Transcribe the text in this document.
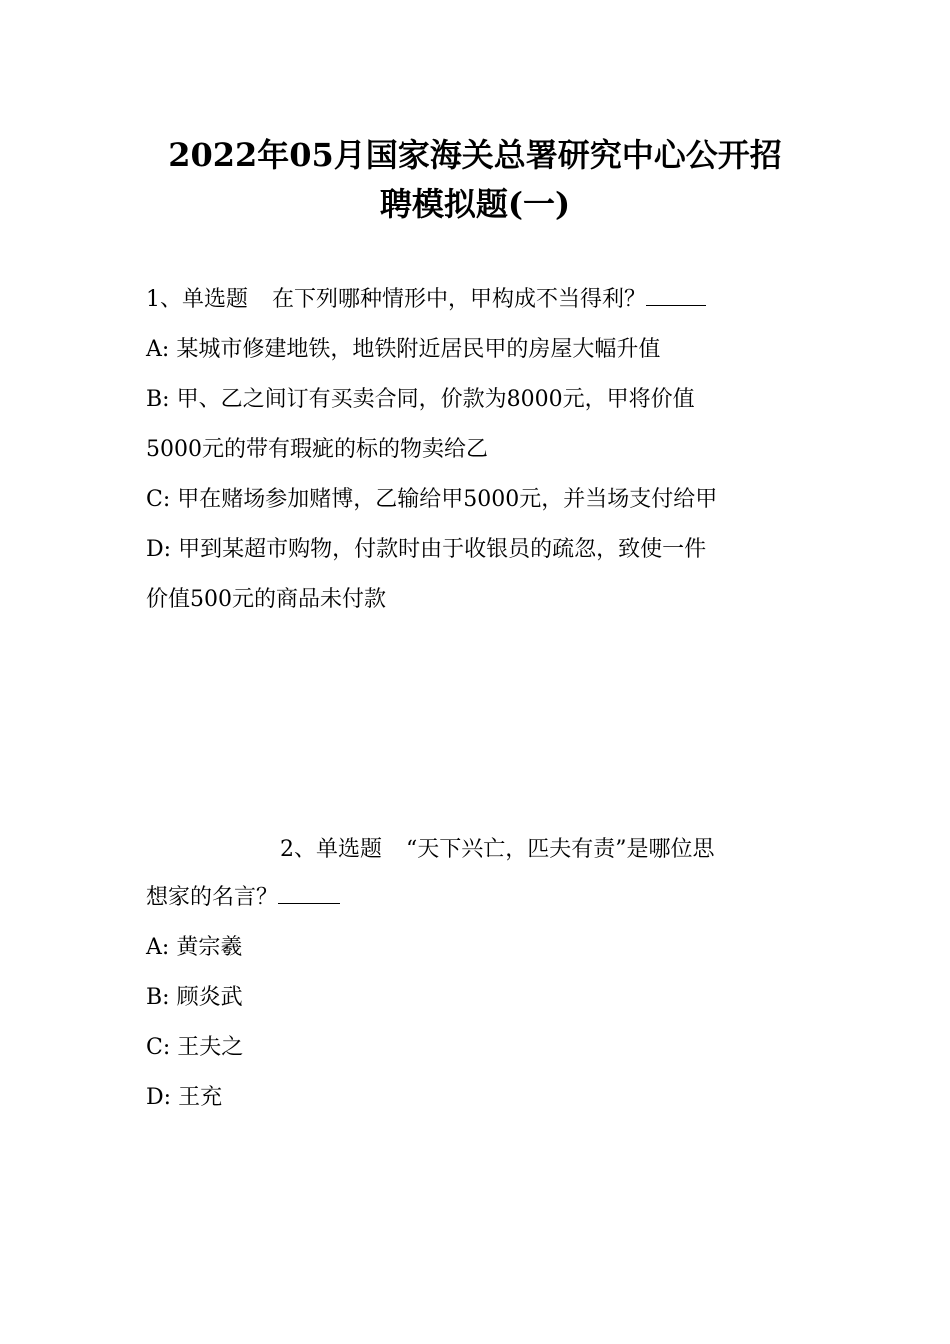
2022年05月国家海关总署研究中心公开招
聘模拟题(一)
1、单选题 在下列哪种情形中，甲构成不当得利？
A: 某城市修建地铁，地铁附近居民甲的房屋大幅升值
B: 甲、乙之间订有买卖合同，价款为8000元，甲将价值
5000元的带有瑕疵的标的物卖给乙
C: 甲在赌场参加赌博，乙输给甲5000元，并当场支付给甲
D: 甲到某超市购物，付款时由于收银员的疏忽，致使一件
价值500元的商品未付款
2、单选题 “天下兴亡，匹夫有责”是哪位思
想家的名言？
A: 黄宗羲
B: 顾炎武
C: 王夫之
D: 王充
